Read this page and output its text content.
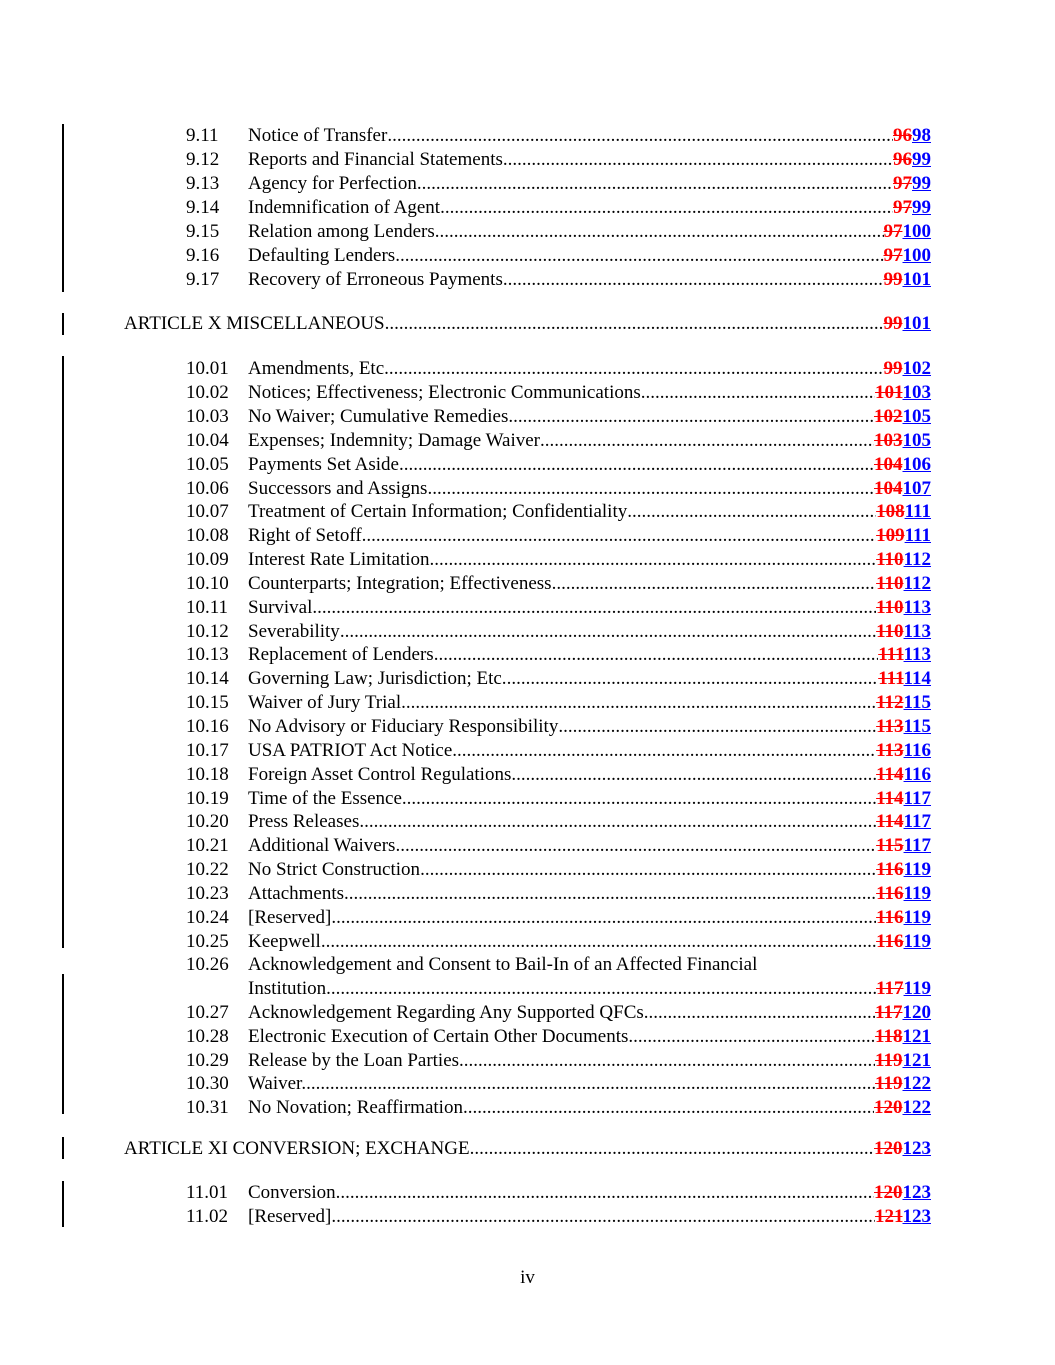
9.11	Notice of Transfer .....	9698
9.12	Reports and Financial Statements .....	9699
9.13	Agency for Perfection .....	9799
9.14	Indemnification of Agent .....	9799
9.15	Relation among Lenders .....	97100
9.16	Defaulting Lenders .....	97100
9.17	Recovery of Erroneous Payments .....	99101
ARTICLE X MISCELLANEOUS .....	99101
10.01	Amendments, Etc. .....	99102
10.02	Notices; Effectiveness; Electronic Communications .....	101103
10.03	No Waiver; Cumulative Remedies .....	102105
10.04	Expenses; Indemnity; Damage Waiver .....	103105
10.05	Payments Set Aside .....	104106
10.06	Successors and Assigns .....	104107
10.07	Treatment of Certain Information; Confidentiality .....	108111
10.08	Right of Setoff .....	109111
10.09	Interest Rate Limitation .....	110112
10.10	Counterparts; Integration; Effectiveness .....	110112
10.11	Survival .....	110113
10.12	Severability .....	110113
10.13	Replacement of Lenders .....	111113
10.14	Governing Law; Jurisdiction; Etc. .....	111114
10.15	Waiver of Jury Trial .....	112115
10.16	No Advisory or Fiduciary Responsibility .....	113115
10.17	USA PATRIOT Act Notice .....	113116
10.18	Foreign Asset Control Regulations .....	114116
10.19	Time of the Essence .....	114117
10.20	Press Releases .....	114117
10.21	Additional Waivers .....	115117
10.22	No Strict Construction .....	116119
10.23	Attachments .....	116119
10.24	[Reserved] .....	116119
10.25	Keepwell .....	116119
10.26	Acknowledgement and Consent to Bail-In of an Affected Financial
Institution .....	117119
10.27	Acknowledgement Regarding Any Supported QFCs .....	117120
10.28	Electronic Execution of Certain Other Documents .....	118121
10.29	Release by the Loan Parties .....	119121
10.30	Waiver. .....	119122
10.31	No Novation; Reaffirmation .....	120122
ARTICLE XI CONVERSION; EXCHANGE .....	120123
11.01	Conversion .....	120123
11.02	[Reserved] .....	121123
iv
